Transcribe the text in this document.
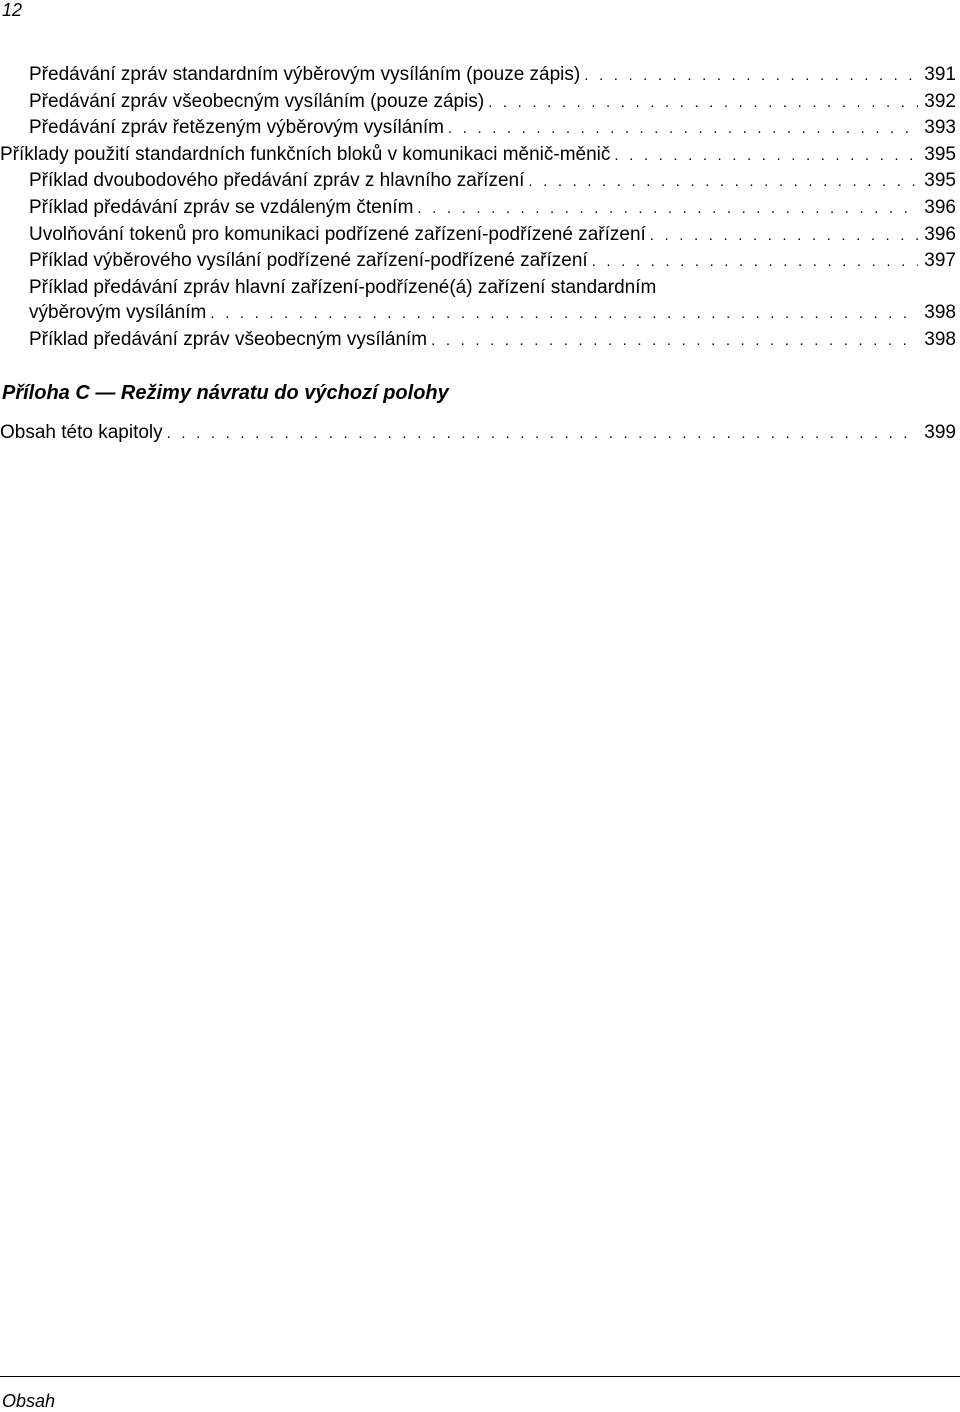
12
Předávání zpráv standardním výběrovým vysíláním (pouze zápis) . . .	391
Předávání zpráv všeobecným vysíláním (pouze zápis) . . .	392
Předávání zpráv řetězeným výběrovým vysíláním . . .	393
Příklady použití standardních funkčních bloků v komunikaci měnič-měnič . . .	395
Příklad dvoubodového předávání zpráv z hlavního zařízení . . .	395
Příklad předávání zpráv se vzdáleným čtením . . .	396
Uvolňování tokenů pro komunikaci podřízené zařízení-podřízené zařízení . . .	396
Příklad výběrového vysílání podřízené zařízení-podřízené zařízení . . .	397
Příklad předávání zpráv hlavní zařízení-podřízené(á) zařízení standardním
výběrovým vysíláním . . .	398
Příklad předávání zpráv všeobecným vysíláním . . .	398
Příloha C — Režimy návratu do výchozí polohy
Obsah této kapitoly . . .	399
Obsah
